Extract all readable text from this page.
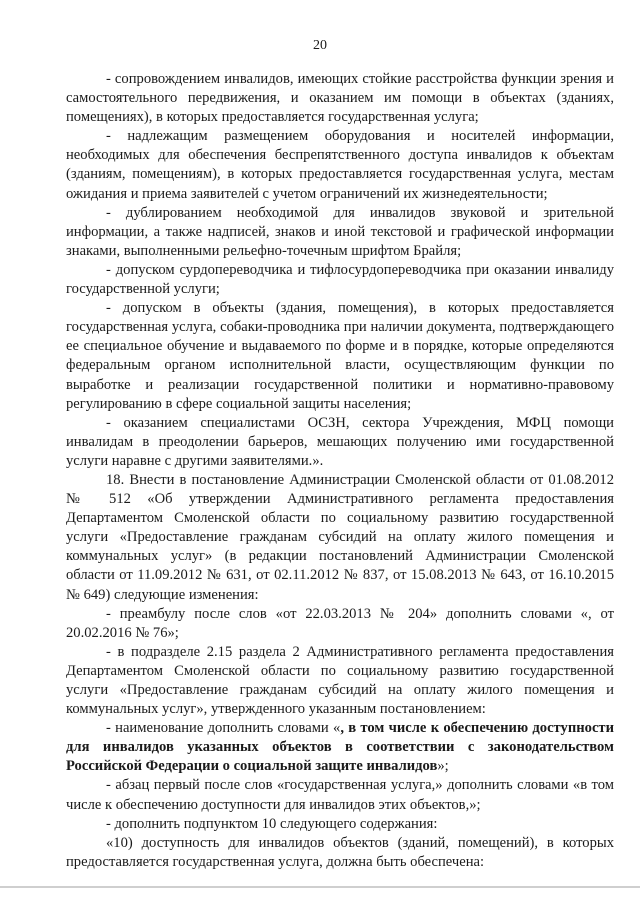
20

- сопровождением инвалидов, имеющих стойкие расстройства функции зрения и самостоятельного передвижения, и оказанием им помощи в объектах (зданиях, помещениях), в которых предоставляется государственная услуга;

- надлежащим размещением оборудования и носителей информации, необходимых для обеспечения беспрепятственного доступа инвалидов к объектам (зданиям, помещениям), в которых предоставляется государственная услуга, местам ожидания и приема заявителей с учетом ограничений их жизнедеятельности;

- дублированием необходимой для инвалидов звуковой и зрительной информации, а также надписей, знаков и иной текстовой и графической информации знаками, выполненными рельефно-точечным шрифтом Брайля;

- допуском сурдопереводчика и тифлосурдопереводчика при оказании инвалиду государственной услуги;

- допуском в объекты (здания, помещения), в которых предоставляется государственная услуга, собаки-проводника при наличии документа, подтверждающего ее специальное обучение и выдаваемого по форме и в порядке, которые определяются федеральным органом исполнительной власти, осуществляющим функции по выработке и реализации государственной политики и нормативно-правовому регулированию в сфере социальной защиты населения;

- оказанием специалистами ОСЗН, сектора Учреждения, МФЦ помощи инвалидам в преодолении барьеров, мешающих получению ими государственной услуги наравне с другими заявителями.».

18. Внести в постановление Администрации Смоленской области от 01.08.2012 № 512 «Об утверждении Административного регламента предоставления Департаментом Смоленской области по социальному развитию государственной услуги «Предоставление гражданам субсидий на оплату жилого помещения и коммунальных услуг» (в редакции постановлений Администрации Смоленской области от 11.09.2012 № 631, от 02.11.2012 № 837, от 15.08.2013 № 643, от 16.10.2015 № 649) следующие изменения:

- преамбулу после слов «от 22.03.2013 № 204» дополнить словами «, от 20.02.2016 № 76»;

- в подразделе 2.15 раздела 2 Административного регламента предоставления Департаментом Смоленской области по социальному развитию государственной услуги «Предоставление гражданам субсидий на оплату жилого помещения и коммунальных услуг», утвержденного указанным постановлением:

- наименование дополнить словами «, в том числе к обеспечению доступности для инвалидов указанных объектов в соответствии с законодательством Российской Федерации о социальной защите инвалидов»;

- абзац первый после слов «государственная услуга,» дополнить словами «в том числе к обеспечению доступности для инвалидов этих объектов,»;

- дополнить подпунктом 10 следующего содержания:

«10) доступность для инвалидов объектов (зданий, помещений), в которых предоставляется государственная услуга, должна быть обеспечена:
